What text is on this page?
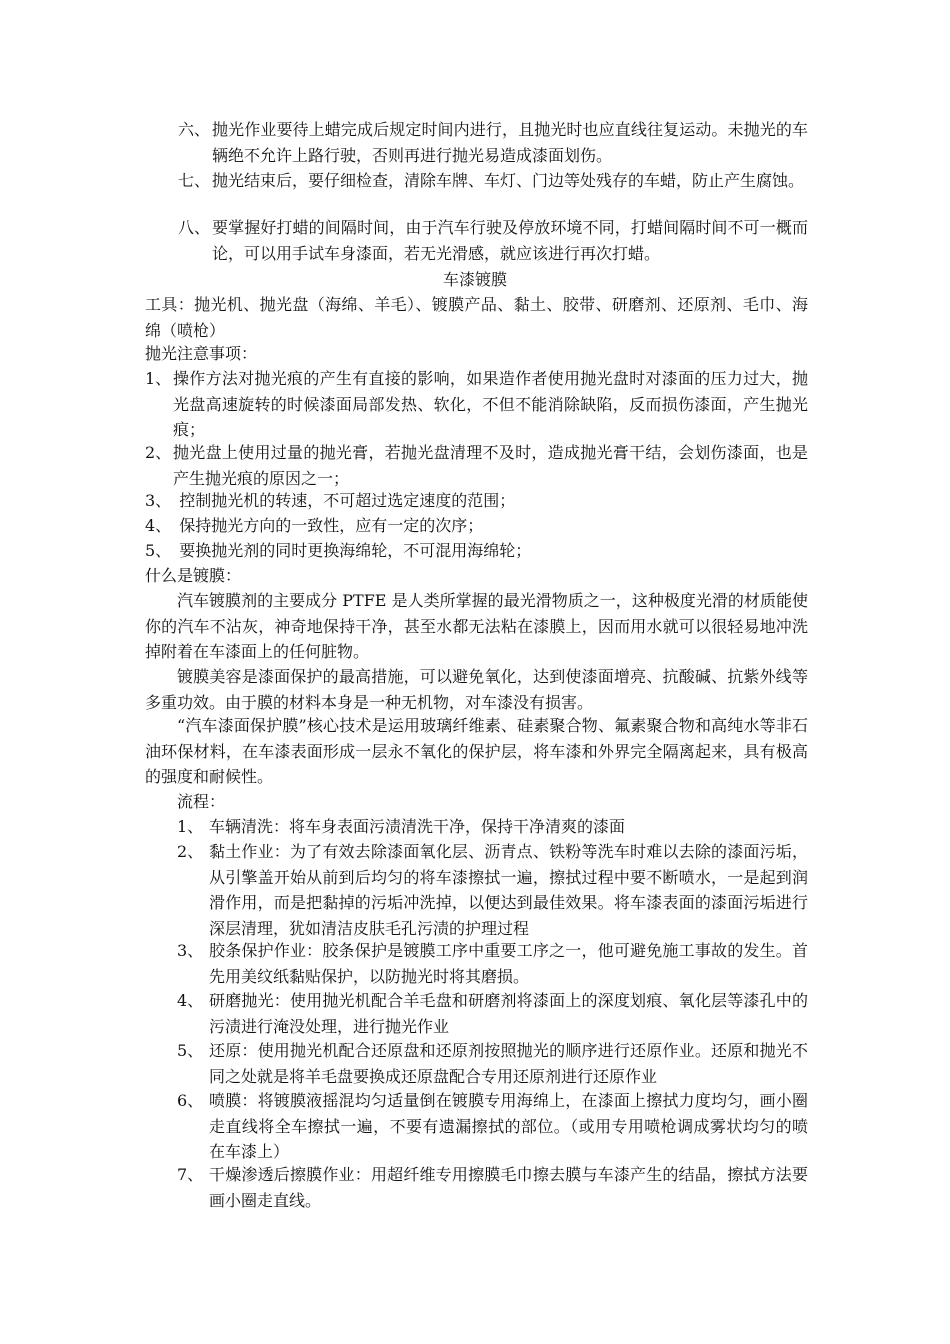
六、 抛光作业要待上蜡完成后规定时间内进行，且抛光时也应直线往复运动。未抛光的车辆绝不允许上路行驶，否则再进行抛光易造成漆面划伤。
七、 抛光结束后，要仔细检查，清除车牌、车灯、门边等处残存的车蜡，防止产生腐蚀。
八、 要掌握好打蜡的间隔时间，由于汽车行驶及停放环境不同，打蜡间隔时间不可一概而论，可以用手试车身漆面，若无光滑感，就应该进行再次打蜡。
车漆镀膜
工具：抛光机、抛光盘（海绵、羊毛）、镀膜产品、黏土、胶带、研磨剂、还原剂、毛巾、海绵（喷枪）
抛光注意事项：
1、 操作方法对抛光痕的产生有直接的影响，如果造作者使用抛光盘时对漆面的压力过大，抛光盘高速旋转的时候漆面局部发热、软化，不但不能消除缺陷，反而损伤漆面，产生抛光痕；
2、 抛光盘上使用过量的抛光膏，若抛光盘清理不及时，造成抛光膏干结，会划伤漆面，也是产生抛光痕的原因之一；
3、 控制抛光机的转速，不可超过选定速度的范围；
4、 保持抛光方向的一致性，应有一定的次序；
5、 要换抛光剂的同时更换海绵轮，不可混用海绵轮；
什么是镀膜：
汽车镀膜剂的主要成分 PTFE 是人类所掌握的最光滑物质之一，这种极度光滑的材质能使你的汽车不沾灰，神奇地保持干净，甚至水都无法粘在漆膜上，因而用水就可以很轻易地冲洗掉附着在车漆面上的任何脏物。
镀膜美容是漆面保护的最高措施，可以避免氧化，达到使漆面增亮、抗酸碱、抗紫外线等多重功效。由于膜的材料本身是一种无机物，对车漆没有损害。
“汽车漆面保护膜”核心技术是运用玻璃纤维素、硅素聚合物、氟素聚合物和高纯水等非石油环保材料，在车漆表面形成一层永不氧化的保护层，将车漆和外界完全隔离起来，具有极高的强度和耐候性。
流程：
1、 车辆清洗：将车身表面污渍清洗干净，保持干净清爽的漆面
2、 黏土作业：为了有效去除漆面氧化层、沥青点、铁粉等洗车时难以去除的漆面污垢，从引擎盖开始从前到后均匀的将车漆擦拭一遍，擦拭过程中要不断喷水，一是起到润滑作用，而是把黏掉的污垢冲洗掉，以便达到最佳效果。将车漆表面的漆面污垢进行深层清理，犹如清洁皮肤毛孔污渍的护理过程
3、 胶条保护作业：胶条保护是镀膜工序中重要工序之一，他可避免施工事故的发生。首先用美纹纸黏贴保护，以防抛光时将其磨损。
4、 研磨抛光：使用抛光机配合羊毛盘和研磨剂将漆面上的深度划痕、氧化层等漆孔中的污渍进行淹没处理，进行抛光作业
5、 还原：使用抛光机配合还原盘和还原剂按照抛光的顺序进行还原作业。还原和抛光不同之处就是将羊毛盘要换成还原盘配合专用还原剂进行还原作业
6、 喷膜：将镀膜液摇混均匀适量倒在镀膜专用海绵上，在漆面上擦拭力度均匀，画小圈走直线将全车擦拭一遍，不要有遗漏擦拭的部位。（或用专用喷枪调成雾状均匀的喷在车漆上）
7、 干燥渗透后擦膜作业：用超纤维专用擦膜毛巾擦去膜与车漆产生的结晶，擦拭方法要画小圈走直线。
